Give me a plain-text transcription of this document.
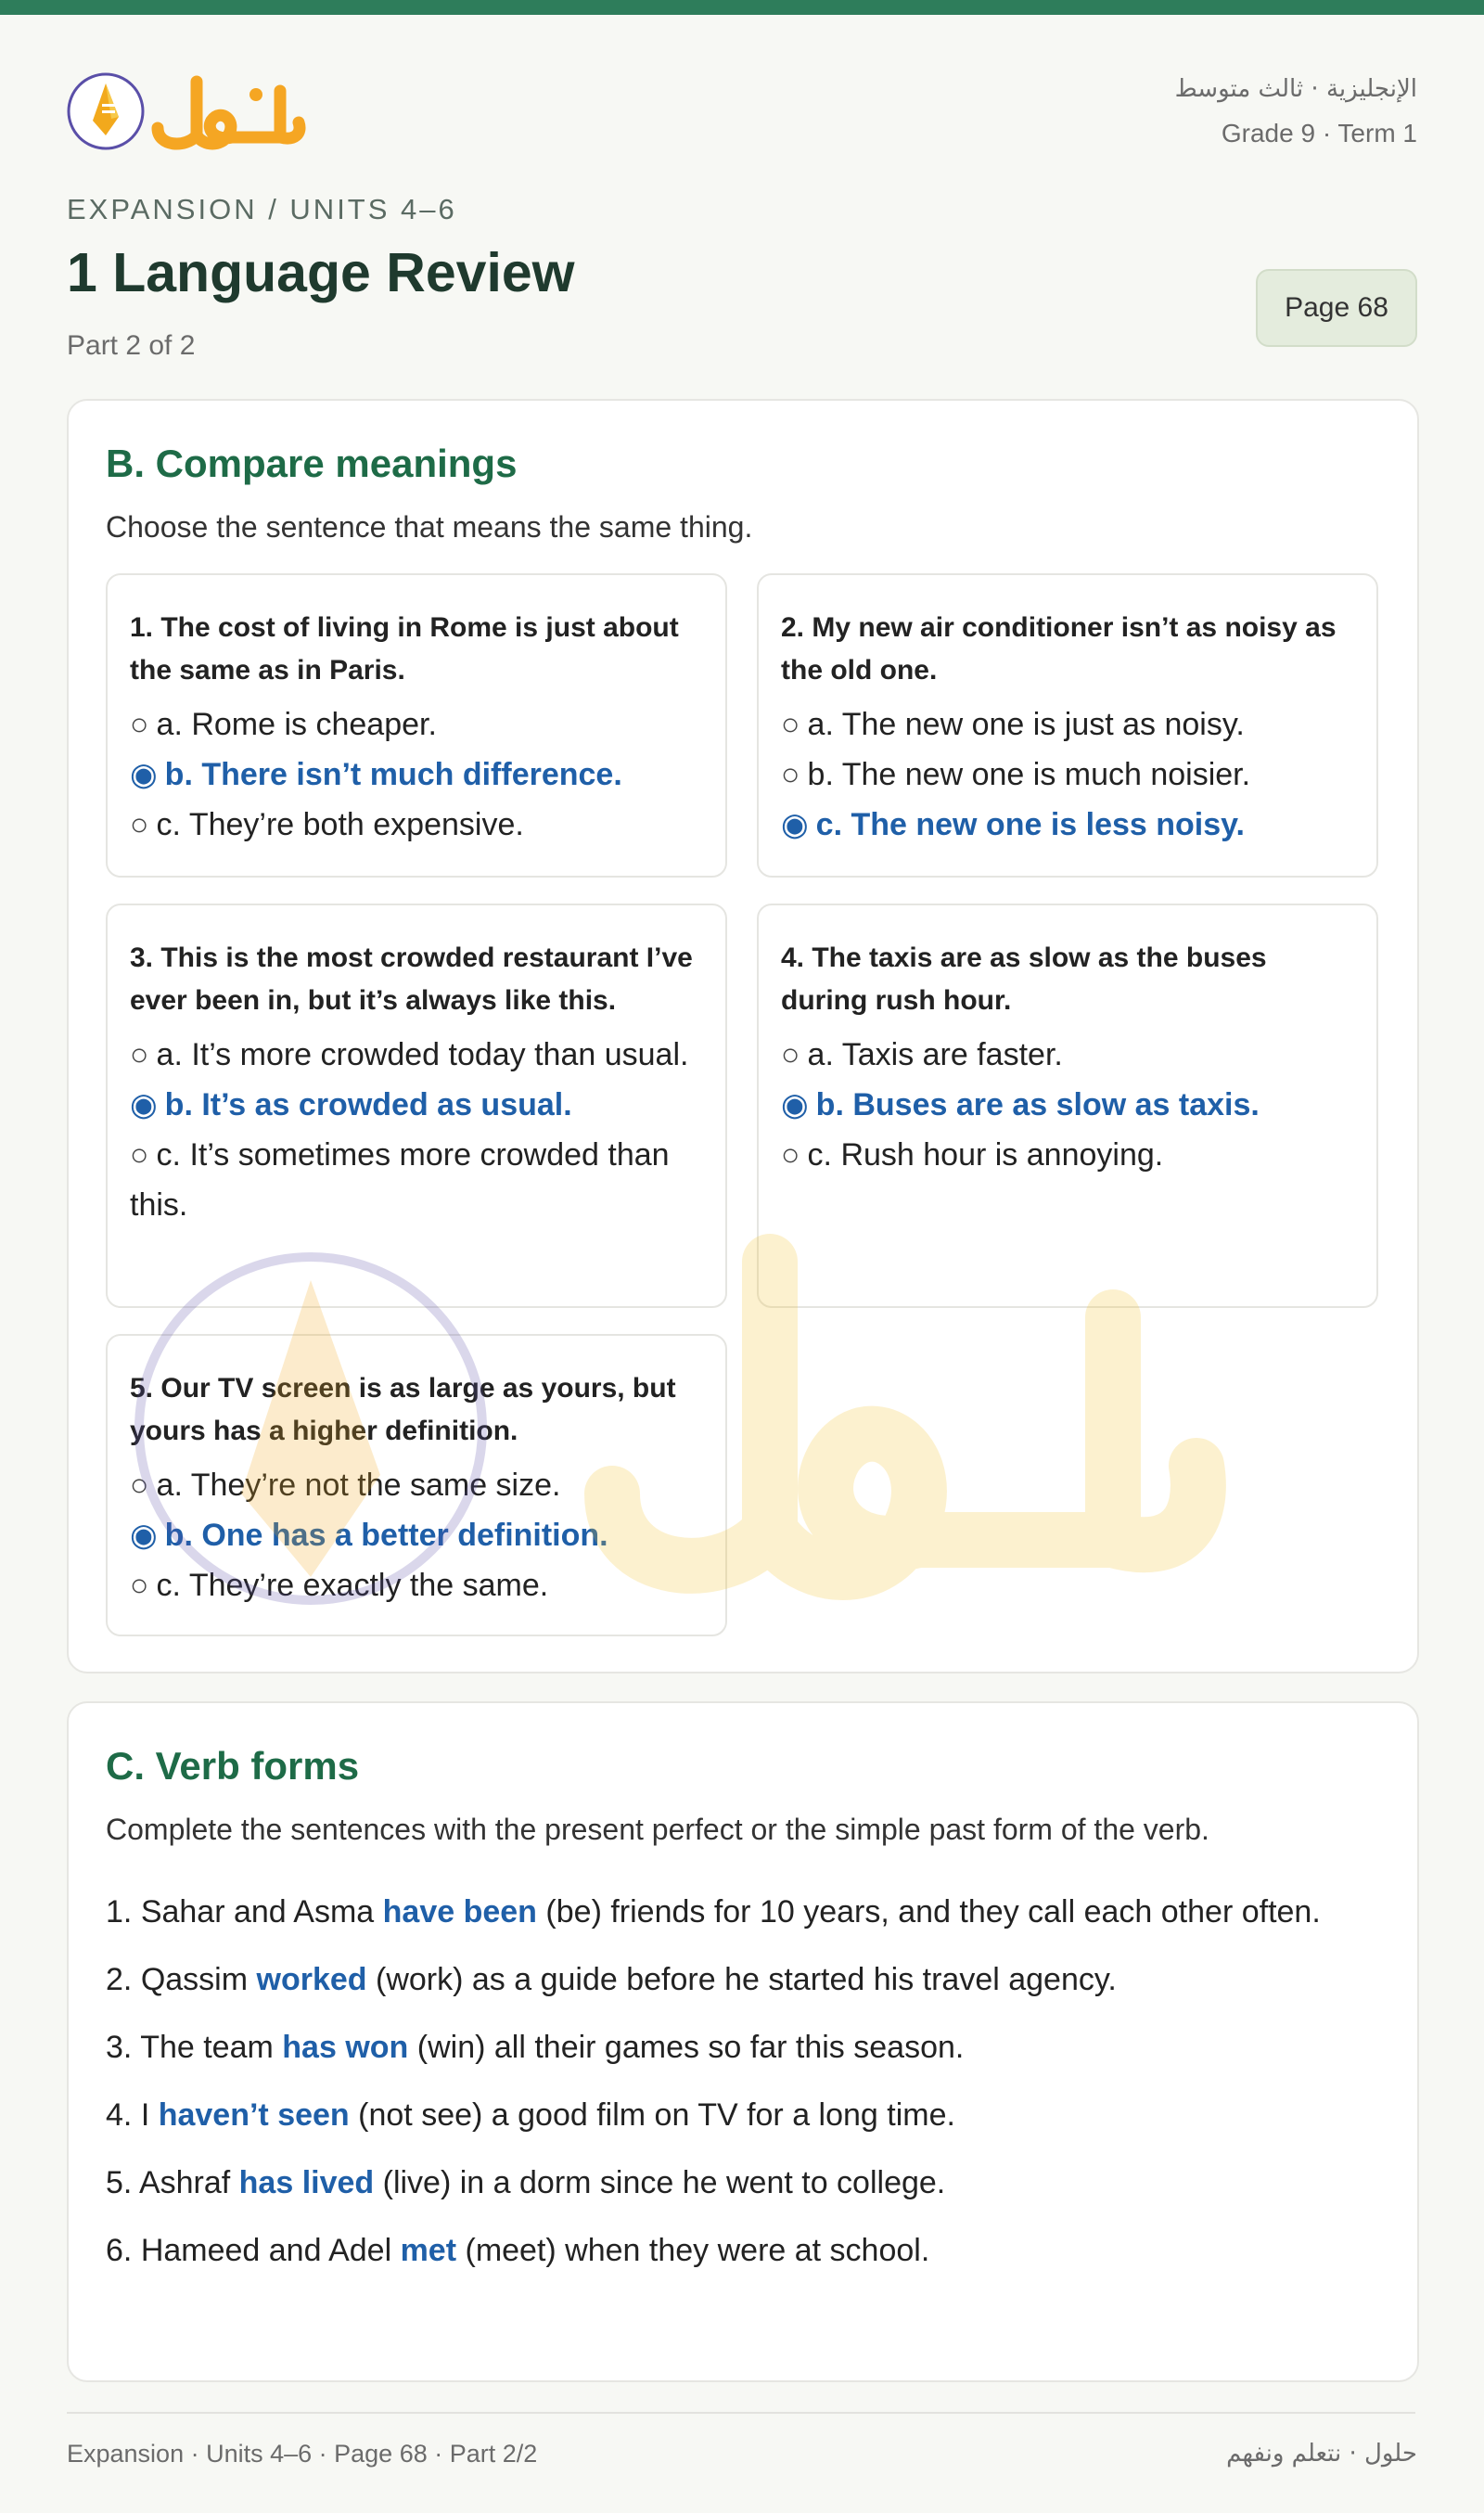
الإنجليزية · ثالث متوسط
Grade 9 · Term 1
EXPANSION / UNITS 4–6
1 Language Review
Part 2 of 2
Page 68
B. Compare meanings
Choose the sentence that means the same thing.
1. The cost of living in Rome is just about the same as in Paris.
○ a. Rome is cheaper.
◉ b. There isn’t much difference.
○ c. They’re both expensive.
2. My new air conditioner isn’t as noisy as the old one.
○ a. The new one is just as noisy.
○ b. The new one is much noisier.
◉ c. The new one is less noisy.
3. This is the most crowded restaurant I’ve ever been in, but it’s always like this.
○ a. It’s more crowded today than usual.
◉ b. It’s as crowded as usual.
○ c. It’s sometimes more crowded than this.
4. The taxis are as slow as the buses during rush hour.
○ a. Taxis are faster.
◉ b. Buses are as slow as taxis.
○ c. Rush hour is annoying.
5. Our TV screen is as large as yours, but yours has a higher definition.
○ a. They’re not the same size.
◉ b. One has a better definition.
○ c. They’re exactly the same.
C. Verb forms
Complete the sentences with the present perfect or the simple past form of the verb.
1. Sahar and Asma have been (be) friends for 10 years, and they call each other often.
2. Qassim worked (work) as a guide before he started his travel agency.
3. The team has won (win) all their games so far this season.
4. I haven’t seen (not see) a good film on TV for a long time.
5. Ashraf has lived (live) in a dorm since he went to college.
6. Hameed and Adel met (meet) when they were at school.
Expansion · Units 4–6 · Page 68 · Part 2/2	حلول · نتعلم ونفهم
